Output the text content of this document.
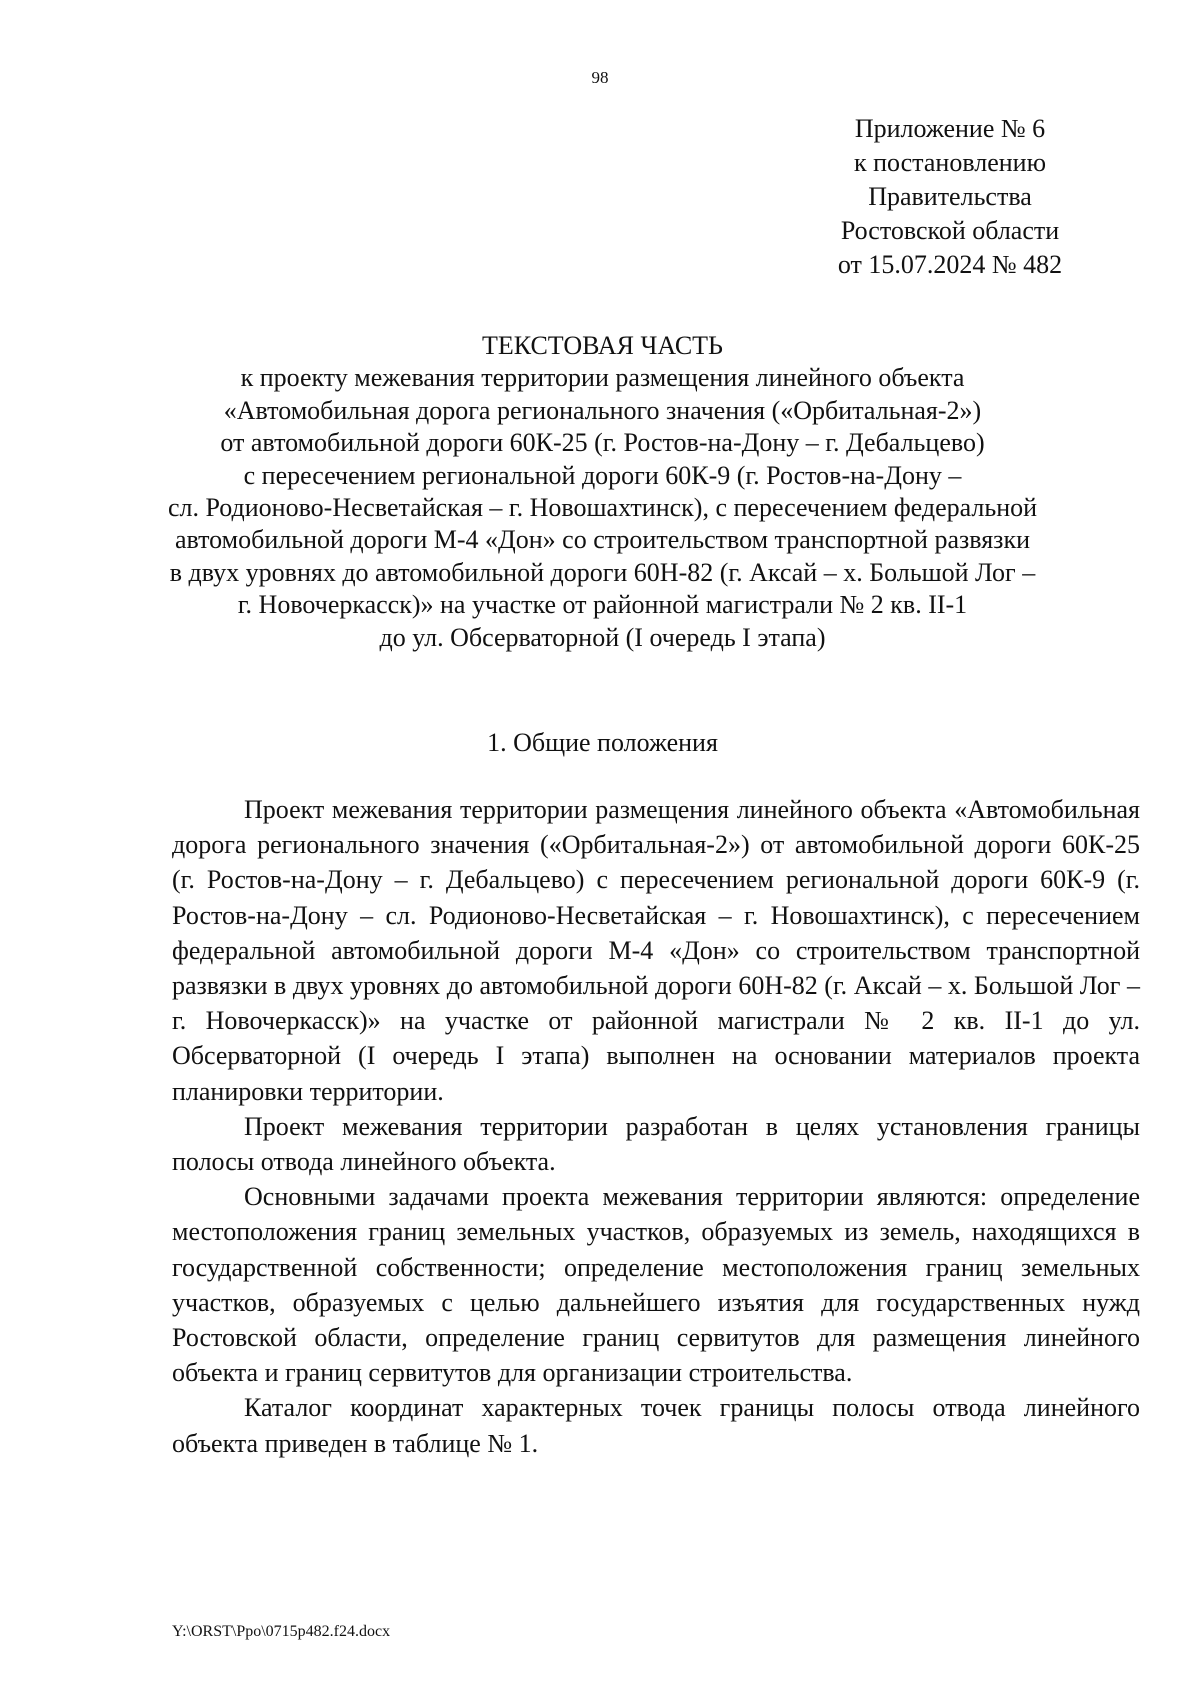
98
Приложение № 6
к постановлению
Правительства
Ростовской области
от 15.07.2024 № 482
ТЕКСТОВАЯ ЧАСТЬ
к проекту межевания территории размещения линейного объекта
«Автомобильная дорога регионального значения («Орбитальная-2»)
от автомобильной дороги 60К-25 (г. Ростов-на-Дону – г. Дебальцево)
с пересечением региональной дороги 60К-9 (г. Ростов-на-Дону –
сл. Родионово-Несветайская – г. Новошахтинск), с пересечением федеральной
автомобильной дороги М-4 «Дон» со строительством транспортной развязки
в двух уровнях до автомобильной дороги 60Н-82 (г. Аксай – х. Большой Лог –
г. Новочеркасск)» на участке от районной магистрали № 2 кв. II-1
до ул. Обсерваторной (I очередь I этапа)
1. Общие положения

Проект межевания территории размещения линейного объекта «Автомобильная дорога регионального значения («Орбитальная-2») от автомобильной дороги 60К-25 (г. Ростов-на-Дону – г. Дебальцево) с пересечением региональной дороги 60К-9 (г. Ростов-на-Дону – сл. Родионово-Несветайская – г. Новошахтинск), с пересечением федеральной автомобильной дороги М-4 «Дон» со строительством транспортной развязки в двух уровнях до автомобильной дороги 60Н-82 (г. Аксай – х. Большой Лог – г. Новочеркасск)» на участке от районной магистрали № 2 кв. II-1 до ул. Обсерваторной (I очередь I этапа) выполнен на основании материалов проекта планировки территории.

Проект межевания территории разработан в целях установления границы полосы отвода линейного объекта.

Основными задачами проекта межевания территории являются: определение местоположения границ земельных участков, образуемых из земель, находящихся в государственной собственности; определение местоположения границ земельных участков, образуемых с целью дальнейшего изъятия для государственных нужд Ростовской области, определение границ сервитутов для размещения линейного объекта и границ сервитутов для организации строительства.

Каталог координат характерных точек границы полосы отвода линейного объекта приведен в таблице № 1.

Y:\ORST\Ppo\0715p482.f24.docx
